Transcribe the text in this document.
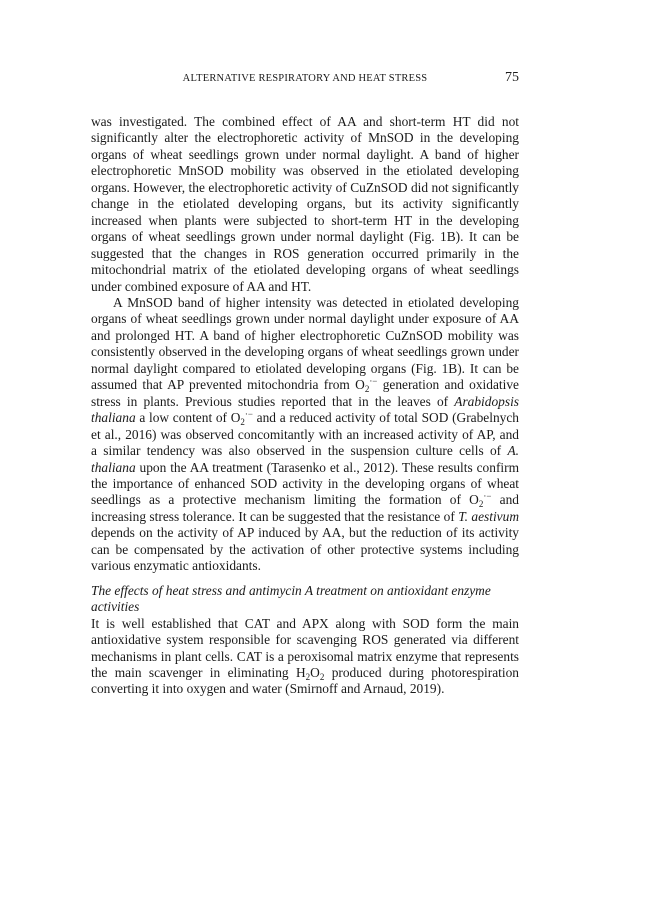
ALTERNATIVE RESPIRATORY AND HEAT STRESS	75

was investigated. The combined effect of AA and short-term HT did not significantly alter the electrophoretic activity of MnSOD in the developing organs of wheat seedlings grown under normal daylight. A band of higher electrophoretic MnSOD mobility was observed in the etiolated developing organs. However, the electrophoretic activity of CuZnSOD did not significantly change in the etiolated developing organs, but its activity significantly increased when plants were subjected to short-term HT in the developing organs of wheat seedlings grown under normal daylight (Fig. 1B). It can be suggested that the changes in ROS generation occurred primarily in the mitochondrial matrix of the etiolated developing organs of wheat seedlings under combined exposure of AA and HT.

A MnSOD band of higher intensity was detected in etiolated developing organs of wheat seedlings grown under normal daylight under exposure of AA and prolonged HT. A band of higher electrophoretic CuZnSOD mobility was consistently observed in the developing organs of wheat seedlings grown under normal daylight compared to etiolated developing organs (Fig. 1B). It can be assumed that AP prevented mitochondria from $O_2^{\cdot-}$ generation and oxidative stress in plants. Previous studies reported that in the leaves of Arabidopsis thaliana a low content of $O_2^{\cdot-}$ and a reduced activity of total SOD (Grabelnych et al., 2016) was observed concomitantly with an increased activity of AP, and a similar tendency was also observed in the suspension culture cells of A. thaliana upon the AA treatment (Tarasenko et al., 2012). These results confirm the importance of enhanced SOD activity in the developing organs of wheat seedlings as a protective mechanism limiting the formation of $O_2^{\cdot-}$ and increasing stress tolerance. It can be suggested that the resistance of T. aestivum depends on the activity of AP induced by AA, but the reduction of its activity can be compensated by the activation of other protective systems including various enzymatic antioxidants.

The effects of heat stress and antimycin A treatment on antioxidant enzyme activities

It is well established that CAT and APX along with SOD form the main antioxidative system responsible for scavenging ROS generated via different mechanisms in plant cells. CAT is a peroxisomal matrix enzyme that represents the main scavenger in eliminating $H_2O_2$ produced during photorespiration converting it into oxygen and water (Smirnoff and Arnaud, 2019).
